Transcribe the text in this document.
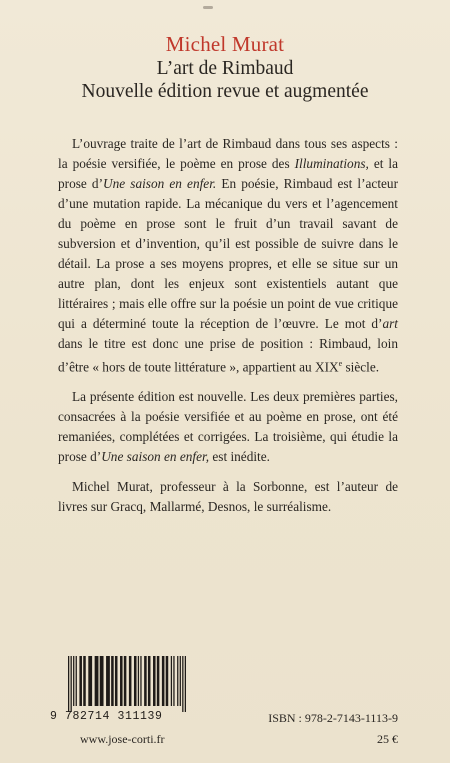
Michel Murat
L’art de Rimbaud
Nouvelle édition revue et augmentée

L’ouvrage traite de l’art de Rimbaud dans tous ses aspects : la poésie versifiée, le poème en prose des Illuminations, et la prose d’Une saison en enfer. En poésie, Rimbaud est l’acteur d’une mutation rapide. La mécanique du vers et l’agencement du poème en prose sont le fruit d’un travail savant de subversion et d’invention, qu’il est possible de suivre dans le détail. La prose a ses moyens propres, et elle se situe sur un autre plan, dont les enjeux sont existentiels autant que littéraires ; mais elle offre sur la poésie un point de vue critique qui a déterminé toute la réception de l’œuvre. Le mot d’art dans le titre est donc une prise de position : Rimbaud, loin d’être « hors de toute littérature », appartient au XIXe siècle.

La présente édition est nouvelle. Les deux premières parties, consacrées à la poésie versifiée et au poème en prose, ont été remaniées, complétées et corrigées. La troisième, qui étudie la prose d’Une saison en enfer, est inédite.

Michel Murat, professeur à la Sorbonne, est l’auteur de livres sur Gracq, Mallarmé, Desnos, le surréalisme.

9 782714 311139	ISBN : 978-2-7143-1113-9
www.jose-corti.fr	25 €
